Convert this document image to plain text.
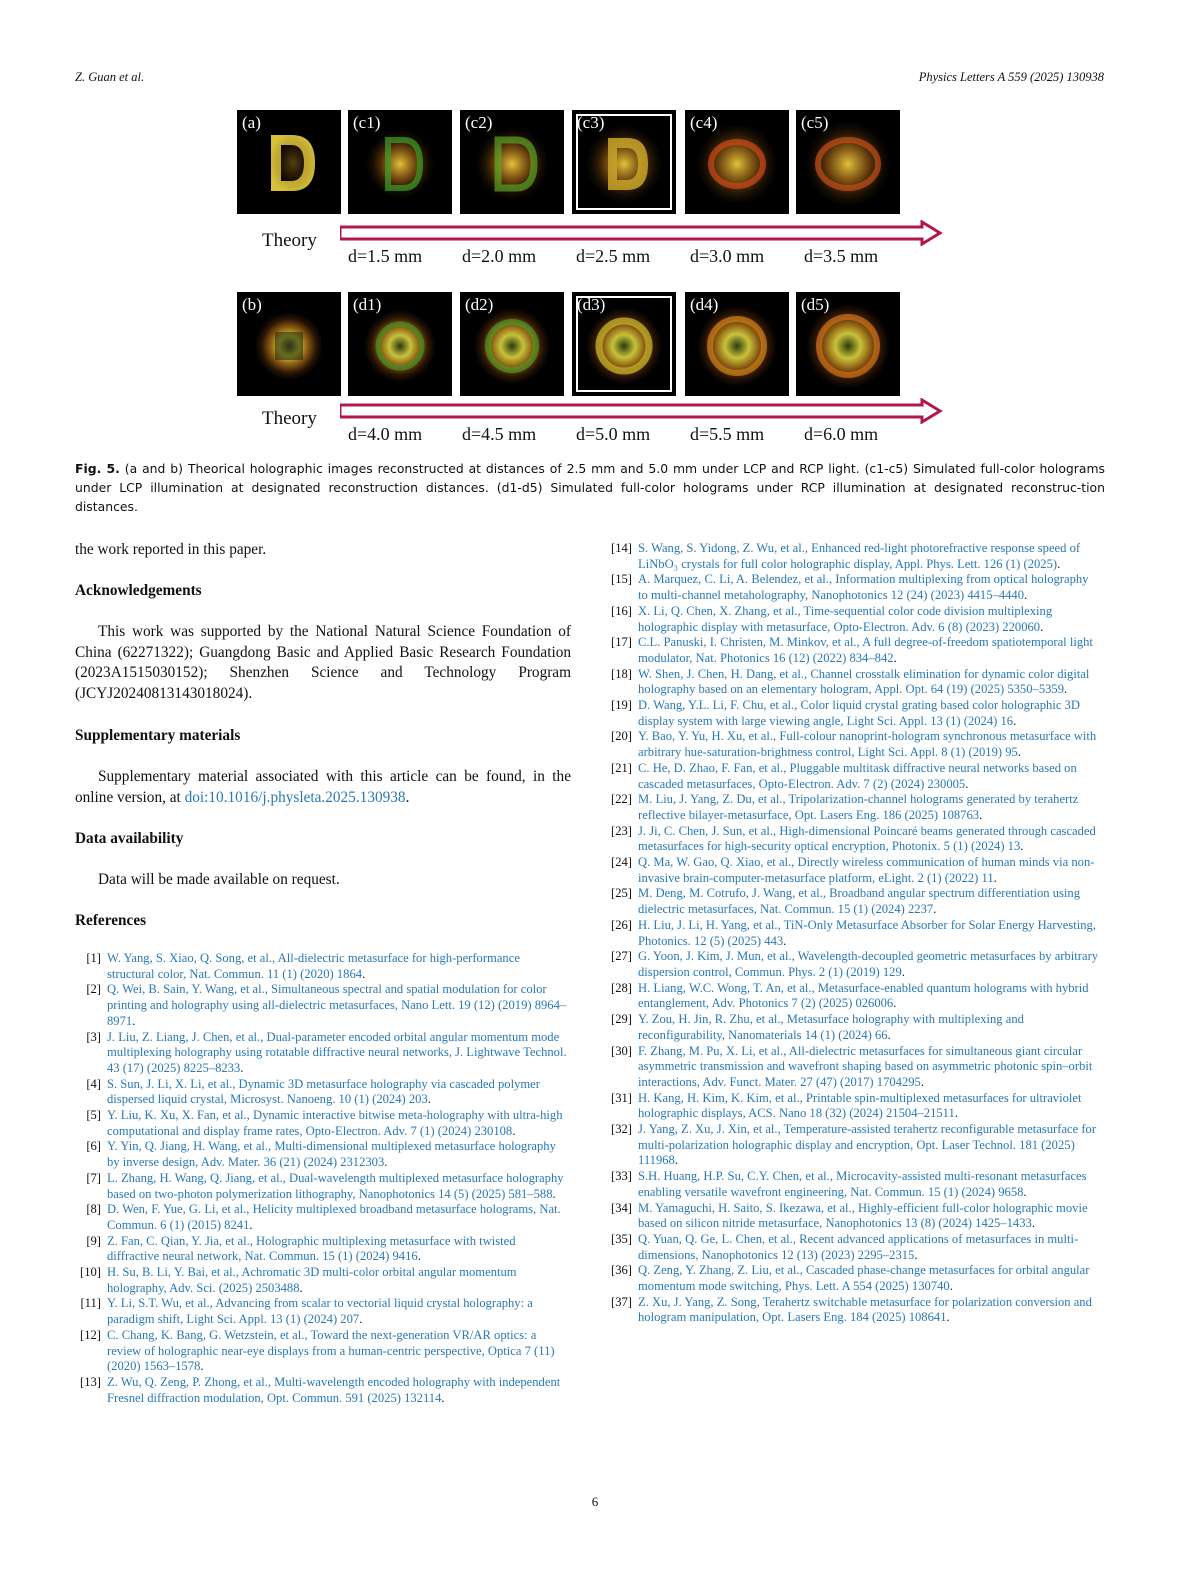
Z. Guan et al.	Physics Letters A 559 (2025) 130938
(a)	(c1)	(c2)	(c3)	(c4)	(c5)
Theory
d=1.5 mm d=2.0 mm d=2.5 mm d=3.0 mm d=3.5 mm
(b)	(d1)	(d2)	(d3)	(d4)	(d5)
Theory
d=4.0 mm d=4.5 mm d=5.0 mm d=5.5 mm d=6.0 mm
Fig. 5. (a and b) Theorical holographic images reconstructed at distances of 2.5 mm and 5.0 mm under LCP and RCP light. (c1-c5) Simulated full-color holograms under LCP illumination at designated reconstruction distances. (d1-d5) Simulated full-color holograms under RCP illumination at designated reconstruc-tion distances.
the work reported in this paper.
Acknowledgements
This work was supported by the National Natural Science Foundation of China (62271322); Guangdong Basic and Applied Basic Research Foundation (2023A1515030152); Shenzhen Science and Technology Program (JCYJ20240813143018024).
Supplementary materials
Supplementary material associated with this article can be found, in the online version, at doi:10.1016/j.physleta.2025.130938.
Data availability
Data will be made available on request.
References
[1] W. Yang, S. Xiao, Q. Song, et al., All-dielectric metasurface for high-performance structural color, Nat. Commun. 11 (1) (2020) 1864.
[2] Q. Wei, B. Sain, Y. Wang, et al., Simultaneous spectral and spatial modulation for color printing and holography using all-dielectric metasurfaces, Nano Lett. 19 (12) (2019) 8964–8971.
[3] J. Liu, Z. Liang, J. Chen, et al., Dual-parameter encoded orbital angular momentum mode multiplexing holography using rotatable diffractive neural networks, J. Lightwave Technol. 43 (17) (2025) 8225–8233.
[4] S. Sun, J. Li, X. Li, et al., Dynamic 3D metasurface holography via cascaded polymer dispersed liquid crystal, Microsyst. Nanoeng. 10 (1) (2024) 203.
[5] Y. Liu, K. Xu, X. Fan, et al., Dynamic interactive bitwise meta-holography with ultra-high computational and display frame rates, Opto-Electron. Adv. 7 (1) (2024) 230108.
[6] Y. Yin, Q. Jiang, H. Wang, et al., Multi-dimensional multiplexed metasurface holography by inverse design, Adv. Mater. 36 (21) (2024) 2312303.
[7] L. Zhang, H. Wang, Q. Jiang, et al., Dual-wavelength multiplexed metasurface holography based on two-photon polymerization lithography, Nanophotonics 14 (5) (2025) 581–588.
[8] D. Wen, F. Yue, G. Li, et al., Helicity multiplexed broadband metasurface holograms, Nat. Commun. 6 (1) (2015) 8241.
[9] Z. Fan, C. Qian, Y. Jia, et al., Holographic multiplexing metasurface with twisted diffractive neural network, Nat. Commun. 15 (1) (2024) 9416.
[10] H. Su, B. Li, Y. Bai, et al., Achromatic 3D multi-color orbital angular momentum holography, Adv. Sci. (2025) 2503488.
[11] Y. Li, S.T. Wu, et al., Advancing from scalar to vectorial liquid crystal holography: a paradigm shift, Light Sci. Appl. 13 (1) (2024) 207.
[12] C. Chang, K. Bang, G. Wetzstein, et al., Toward the next-generation VR/AR optics: a review of holographic near-eye displays from a human-centric perspective, Optica 7 (11) (2020) 1563–1578.
[13] Z. Wu, Q. Zeng, P. Zhong, et al., Multi-wavelength encoded holography with independent Fresnel diffraction modulation, Opt. Commun. 591 (2025) 132114.
[14] S. Wang, S. Yidong, Z. Wu, et al., Enhanced red-light photorefractive response speed of LiNbO₃ crystals for full color holographic display, Appl. Phys. Lett. 126 (1) (2025).
[15] A. Marquez, C. Li, A. Belendez, et al., Information multiplexing from optical holography to multi-channel metaholography, Nanophotonics 12 (24) (2023) 4415–4440.
[16] X. Li, Q. Chen, X. Zhang, et al., Time-sequential color code division multiplexing holographic display with metasurface, Opto-Electron. Adv. 6 (8) (2023) 220060.
[17] C.L. Panuski, I. Christen, M. Minkov, et al., A full degree-of-freedom spatiotemporal light modulator, Nat. Photonics 16 (12) (2022) 834–842.
[18] W. Shen, J. Chen, H. Dang, et al., Channel crosstalk elimination for dynamic color digital holography based on an elementary hologram, Appl. Opt. 64 (19) (2025) 5350–5359.
[19] D. Wang, Y.L. Li, F. Chu, et al., Color liquid crystal grating based color holographic 3D display system with large viewing angle, Light Sci. Appl. 13 (1) (2024) 16.
[20] Y. Bao, Y. Yu, H. Xu, et al., Full-colour nanoprint-hologram synchronous metasurface with arbitrary hue-saturation-brightness control, Light Sci. Appl. 8 (1) (2019) 95.
[21] C. He, D. Zhao, F. Fan, et al., Pluggable multitask diffractive neural networks based on cascaded metasurfaces, Opto-Electron. Adv. 7 (2) (2024) 230005.
[22] M. Liu, J. Yang, Z. Du, et al., Tripolarization-channel holograms generated by terahertz reflective bilayer-metasurface, Opt. Lasers Eng. 186 (2025) 108763.
[23] J. Ji, C. Chen, J. Sun, et al., High-dimensional Poincaré beams generated through cascaded metasurfaces for high-security optical encryption, Photonix. 5 (1) (2024) 13.
[24] Q. Ma, W. Gao, Q. Xiao, et al., Directly wireless communication of human minds via non-invasive brain-computer-metasurface platform, eLight. 2 (1) (2022) 11.
[25] M. Deng, M. Cotrufo, J. Wang, et al., Broadband angular spectrum differentiation using dielectric metasurfaces, Nat. Commun. 15 (1) (2024) 2237.
[26] H. Liu, J. Li, H. Yang, et al., TiN-Only Metasurface Absorber for Solar Energy Harvesting, Photonics. 12 (5) (2025) 443.
[27] G. Yoon, J. Kim, J. Mun, et al., Wavelength-decoupled geometric metasurfaces by arbitrary dispersion control, Commun. Phys. 2 (1) (2019) 129.
[28] H. Liang, W.C. Wong, T. An, et al., Metasurface-enabled quantum holograms with hybrid entanglement, Adv. Photonics 7 (2) (2025) 026006.
[29] Y. Zou, H. Jin, R. Zhu, et al., Metasurface holography with multiplexing and reconfigurability, Nanomaterials 14 (1) (2024) 66.
[30] F. Zhang, M. Pu, X. Li, et al., All-dielectric metasurfaces for simultaneous giant circular asymmetric transmission and wavefront shaping based on asymmetric photonic spin–orbit interactions, Adv. Funct. Mater. 27 (47) (2017) 1704295.
[31] H. Kang, H. Kim, K. Kim, et al., Printable spin-multiplexed metasurfaces for ultraviolet holographic displays, ACS. Nano 18 (32) (2024) 21504–21511.
[32] J. Yang, Z. Xu, J. Xin, et al., Temperature-assisted terahertz reconfigurable metasurface for multi-polarization holographic display and encryption, Opt. Laser Technol. 181 (2025) 111968.
[33] S.H. Huang, H.P. Su, C.Y. Chen, et al., Microcavity-assisted multi-resonant metasurfaces enabling versatile wavefront engineering, Nat. Commun. 15 (1) (2024) 9658.
[34] M. Yamaguchi, H. Saito, S. Ikezawa, et al., Highly-efficient full-color holographic movie based on silicon nitride metasurface, Nanophotonics 13 (8) (2024) 1425–1433.
[35] Q. Yuan, Q. Ge, L. Chen, et al., Recent advanced applications of metasurfaces in multi-dimensions, Nanophotonics 12 (13) (2023) 2295–2315.
[36] Q. Zeng, Y. Zhang, Z. Liu, et al., Cascaded phase-change metasurfaces for orbital angular momentum mode switching, Phys. Lett. A 554 (2025) 130740.
[37] Z. Xu, J. Yang, Z. Song, Terahertz switchable metasurface for polarization conversion and hologram manipulation, Opt. Lasers Eng. 184 (2025) 108641.
6
